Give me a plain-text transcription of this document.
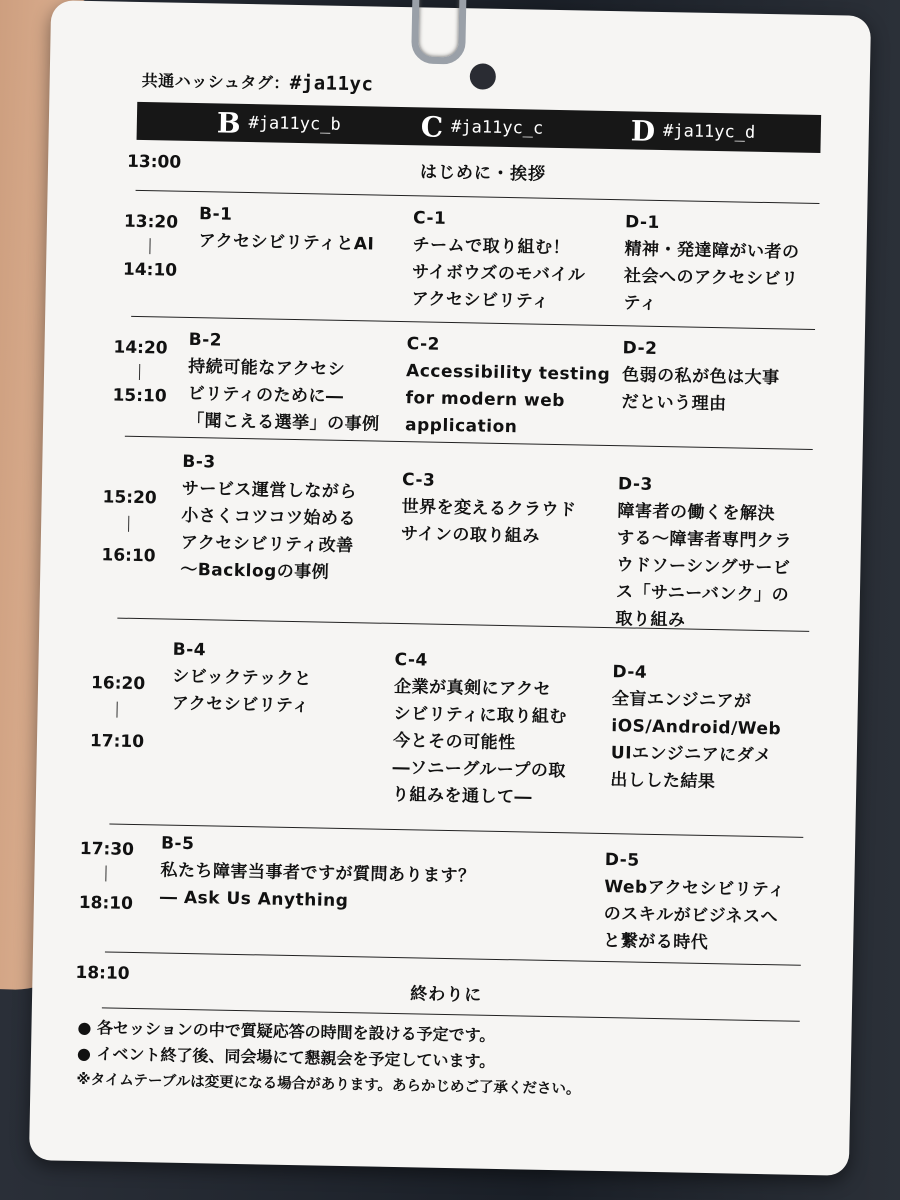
共通ハッシュタグ：#ja11yc
B #ja11yc_b	C #ja11yc_c	D #ja11yc_d
13:00
はじめに・挨拶
13:20
14:10
B-1
アクセシビリティとAI
C-1
チームで取り組む！
サイボウズのモバイル
アクセシビリティ
D-1
精神・発達障がい者の
社会へのアクセシビリ
ティ
14:20
15:10
B-2
持続可能なアクセシ
ビリティのために―
「聞こえる選挙」の事例
C-2
Accessibility testing
for modern web
application
D-2
色弱の私が色は大事
だという理由
15:20
16:10
B-3
サービス運営しながら
小さくコツコツ始める
アクセシビリティ改善
～Backlogの事例
C-3
世界を変えるクラウド
サインの取り組み
D-3
障害者の働くを解決
する～障害者専門クラ
ウドソーシングサービ
ス「サニーバンク」の
取り組み
16:20
17:10
B-4
シビックテックと
アクセシビリティ
C-4
企業が真剣にアクセ
シビリティに取り組む
今とその可能性
―ソニーグループの取
り組みを通して―
D-4
全盲エンジニアが
iOS/Android/Web
UIエンジニアにダメ
出しした結果
17:30
18:10
B-5
私たち障害当事者ですが質問あります？
― Ask Us Anything
D-5
Webアクセシビリティ
のスキルがビジネスへ
と繋がる時代
18:10
終わりに
● 各セッションの中で質疑応答の時間を設ける予定です。
● イベント終了後、同会場にて懇親会を予定しています。
※タイムテーブルは変更になる場合があります。あらかじめご了承ください。
